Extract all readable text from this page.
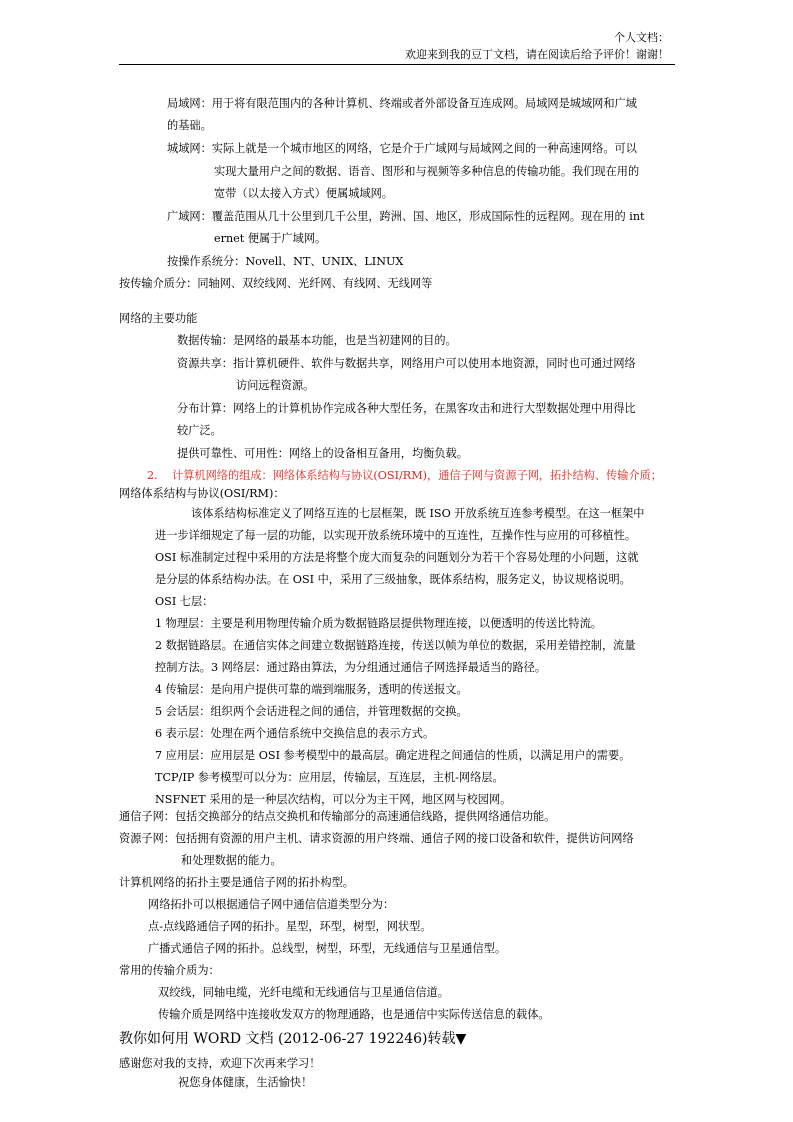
个人文档：
欢迎来到我的豆丁文档，请在阅读后给予评价！谢谢！
局域网：用于将有限范围内的各种计算机、终端或者外部设备互连成网。局域网是城域网和广域
的基础。
城域网：实际上就是一个城市地区的网络，它是介于广域网与局域网之间的一种高速网络。可以
实现大量用户之间的数据、语音、图形和与视频等多种信息的传输功能。我们现在用的
宽带（以太接入方式）便属城域网。
广域网：覆盖范围从几十公里到几千公里，跨洲、国、地区，形成国际性的远程网。现在用的 int
ernet 便属于广域网。
按操作系统分：Novell、NT、UNIX、LINUX
按传输介质分：同轴网、双绞线网、光纤网、有线网、无线网等
网络的主要功能
数据传输：是网络的最基本功能，也是当初建网的目的。
资源共享：指计算机硬件、软件与数据共享，网络用户可以使用本地资源，同时也可通过网络
访问远程资源。
分布计算：网络上的计算机协作完成各种大型任务，在黑客攻击和进行大型数据处理中用得比
较广泛。
提供可靠性、可用性：网络上的设备相互备用，均衡负载。
2. 计算机网络的组成：网络体系结构与协议(OSI/RM)，通信子网与资源子网，拓扑结构、传输介质；
网络体系结构与协议(OSI/RM)：
该体系结构标准定义了网络互连的七层框架，既 ISO 开放系统互连参考模型。在这一框架中
进一步详细规定了每一层的功能，以实现开放系统环境中的互连性，互操作性与应用的可移植性。
OSI 标准制定过程中采用的方法是将整个庞大而复杂的问题划分为若干个容易处理的小问题，这就
是分层的体系结构办法。在 OSI 中，采用了三级抽象，既体系结构，服务定义，协议规格说明。
OSI 七层：
1 物理层：主要是利用物理传输介质为数据链路层提供物理连接，以便透明的传送比特流。
2 数据链路层。在通信实体之间建立数据链路连接，传送以帧为单位的数据，采用差错控制，流量
控制方法。3 网络层：通过路由算法，为分组通过通信子网选择最适当的路径。
4 传输层：是向用户提供可靠的端到端服务，透明的传送报文。
5 会话层：组织两个会话进程之间的通信，并管理数据的交换。
6 表示层：处理在两个通信系统中交换信息的表示方式。
7 应用层：应用层是 OSI 参考模型中的最高层。确定进程之间通信的性质，以满足用户的需要。
TCP/IP 参考模型可以分为：应用层，传输层，互连层，主机-网络层。
NSFNET 采用的是一种层次结构，可以分为主干网，地区网与校园网。
通信子网：包括交换部分的结点交换机和传输部分的高速通信线路，提供网络通信功能。
资源子网：包括拥有资源的用户主机、请求资源的用户终端、通信子网的接口设备和软件，提供访问网络
和处理数据的能力。
计算机网络的拓扑主要是通信子网的拓扑构型。
网络拓扑可以根据通信子网中通信信道类型分为：
点-点线路通信子网的拓扑。星型，环型，树型，网状型。
广播式通信子网的拓扑。总线型，树型，环型，无线通信与卫星通信型。
常用的传输介质为：
双绞线，同轴电缆，光纤电缆和无线通信与卫星通信信道。
传输介质是网络中连接收发双方的物理通路，也是通信中实际传送信息的载体。
教你如何用 WORD 文档 (2012-06-27 192246)转载▼
感谢您对我的支持，欢迎下次再来学习！
祝您身体健康，生活愉快！
